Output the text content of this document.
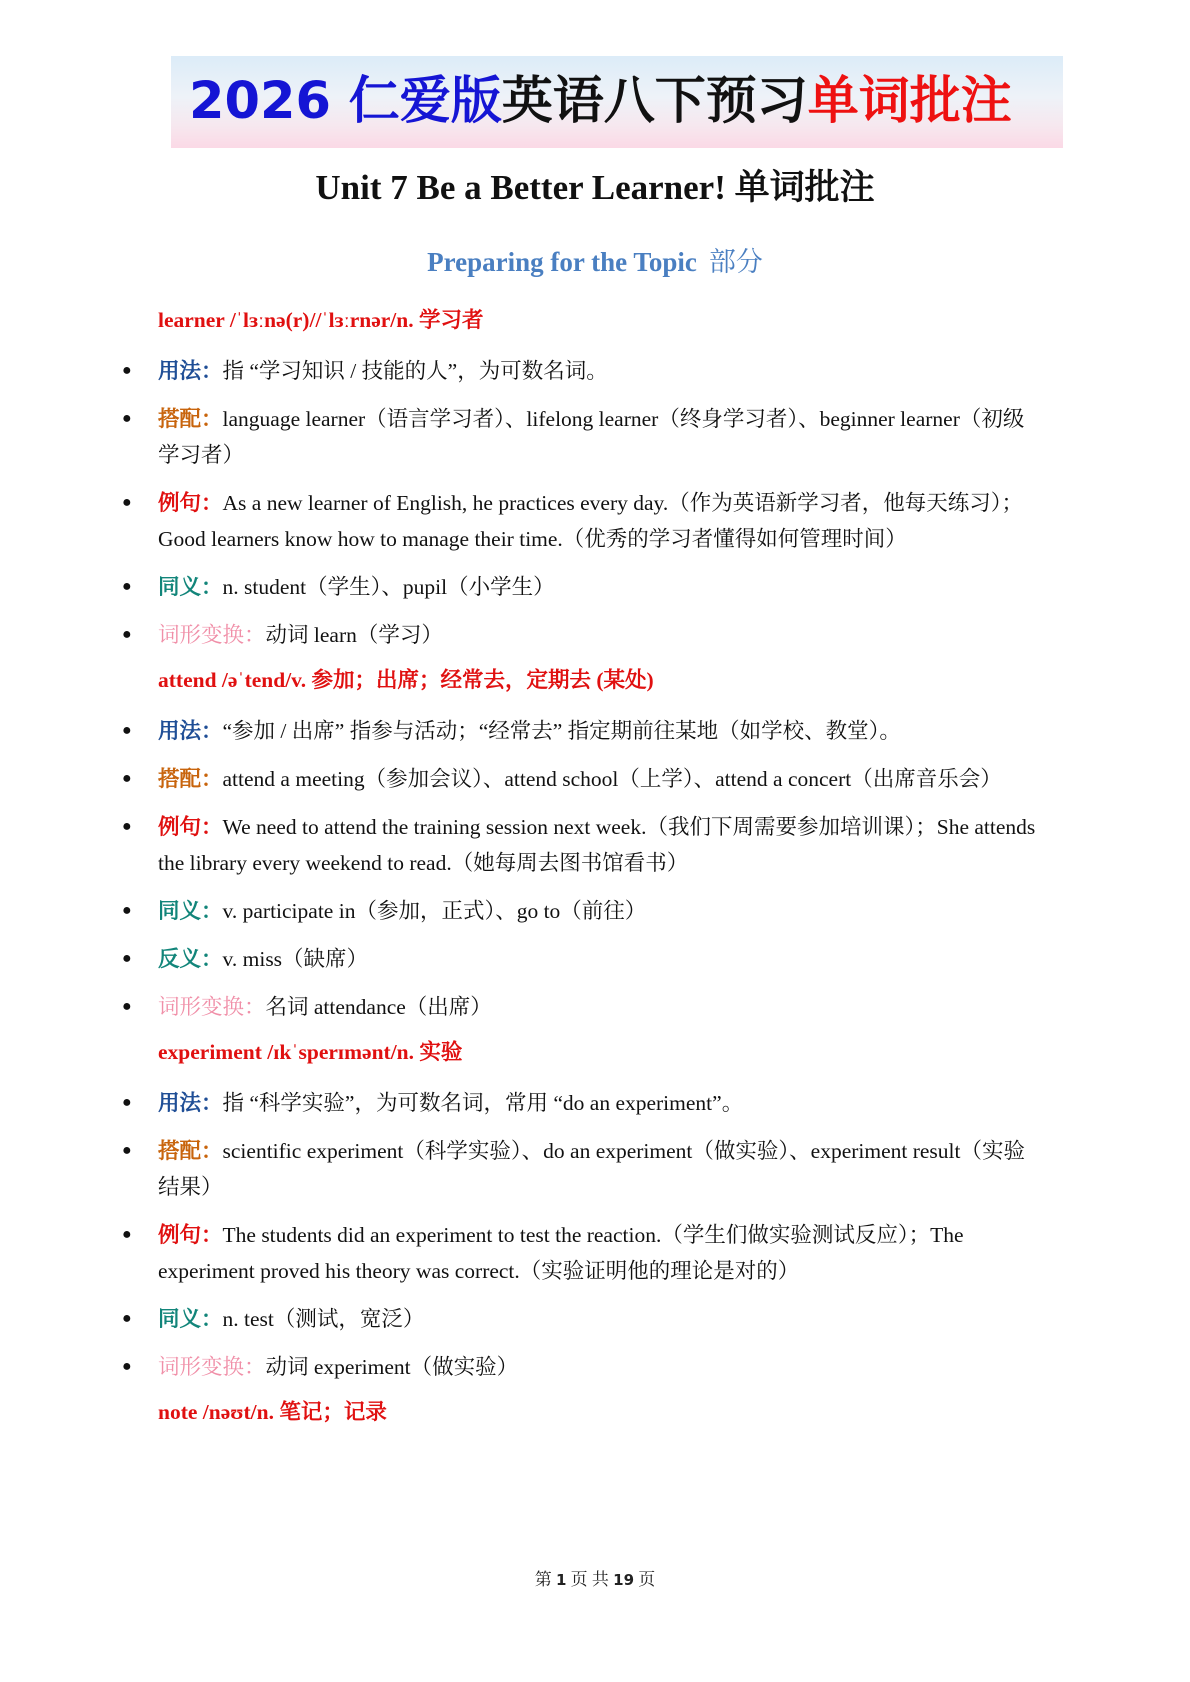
2026 仁爱版英语八下预习单词批注
Unit 7 Be a Better Learner! 单词批注
Preparing for the Topic 部分
learner /ˈlɜːnə(r)//ˈlɜːrnər/n. 学习者
● 用法：指 “学习知识 / 技能的人”，为可数名词。
● 搭配：language learner（语言学习者）、lifelong learner（终身学习者）、beginner learner（初级学习者）
● 例句：As a new learner of English, he practices every day.（作为英语新学习者，他每天练习）；Good learners know how to manage their time.（优秀的学习者懂得如何管理时间）
● 同义：n. student（学生）、pupil（小学生）
● 词形变换：动词 learn（学习）
attend /əˈtend/v. 参加；出席；经常去，定期去 (某处)
● 用法：“参加 / 出席” 指参与活动；“经常去” 指定期前往某地（如学校、教堂）。
● 搭配：attend a meeting（参加会议）、attend school（上学）、attend a concert（出席音乐会）
● 例句：We need to attend the training session next week.（我们下周需要参加培训课）；She attends the library every weekend to read.（她每周去图书馆看书）
● 同义：v. participate in（参加，正式）、go to（前往）
● 反义：v. miss（缺席）
● 词形变换：名词 attendance（出席）
experiment /ɪkˈsperɪmənt/n. 实验
● 用法：指 “科学实验”，为可数名词，常用 “do an experiment”。
● 搭配：scientific experiment（科学实验）、do an experiment（做实验）、experiment result（实验结果）
● 例句：The students did an experiment to test the reaction.（学生们做实验测试反应）；The experiment proved his theory was correct.（实验证明他的理论是对的）
● 同义：n. test（测试，宽泛）
● 词形变换：动词 experiment（做实验）
note /nəʊt/n. 笔记；记录
第 1 页 共 19 页
